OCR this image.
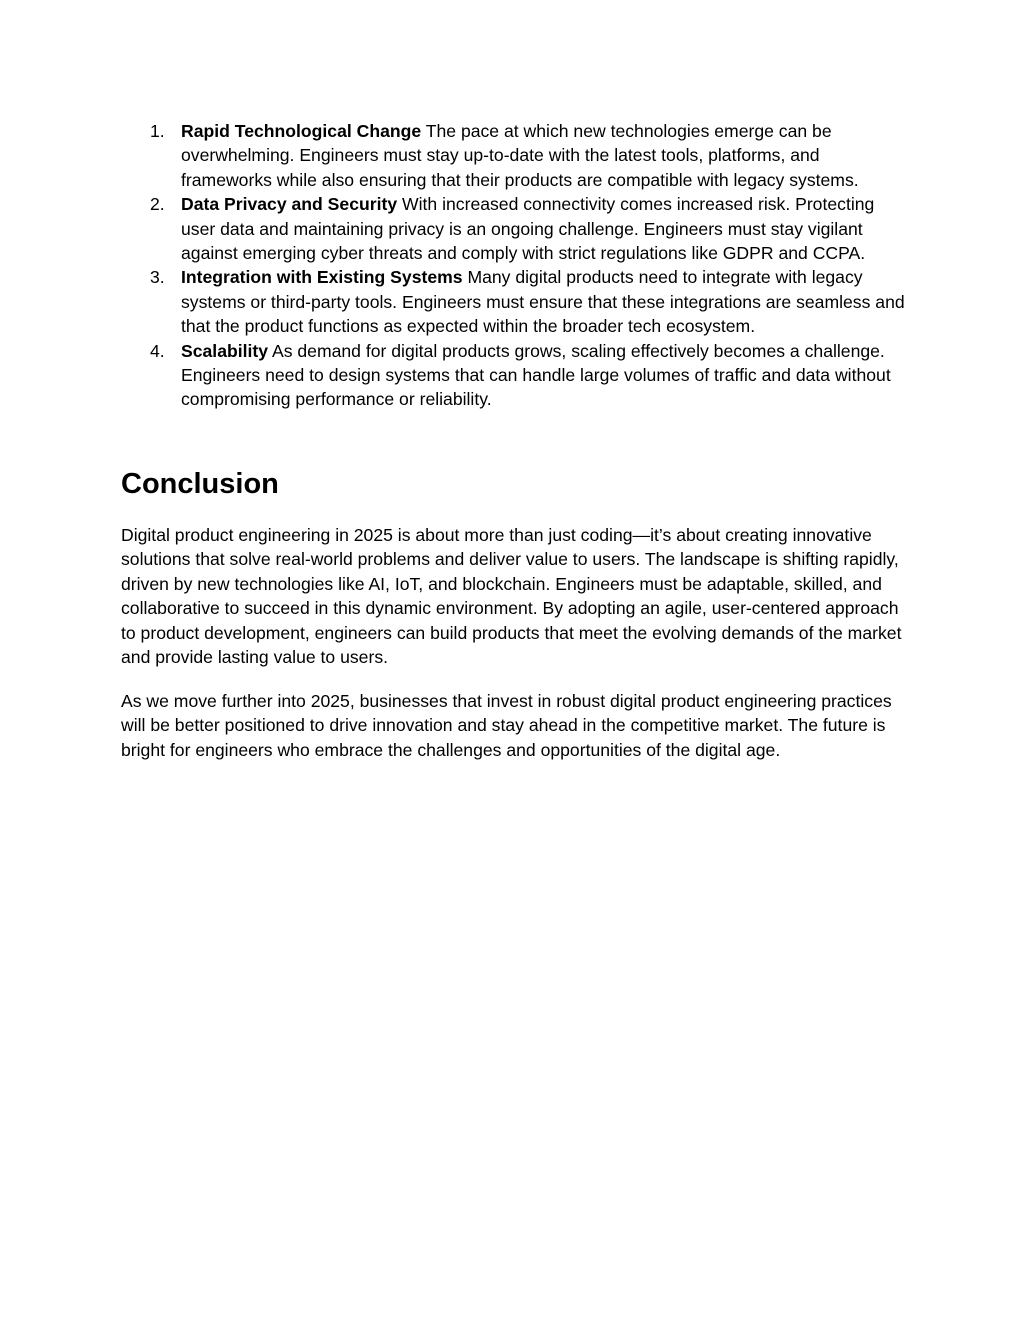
1. Rapid Technological Change The pace at which new technologies emerge can be overwhelming. Engineers must stay up-to-date with the latest tools, platforms, and frameworks while also ensuring that their products are compatible with legacy systems.
2. Data Privacy and Security With increased connectivity comes increased risk. Protecting user data and maintaining privacy is an ongoing challenge. Engineers must stay vigilant against emerging cyber threats and comply with strict regulations like GDPR and CCPA.
3. Integration with Existing Systems Many digital products need to integrate with legacy systems or third-party tools. Engineers must ensure that these integrations are seamless and that the product functions as expected within the broader tech ecosystem.
4. Scalability As demand for digital products grows, scaling effectively becomes a challenge. Engineers need to design systems that can handle large volumes of traffic and data without compromising performance or reliability.
Conclusion

Digital product engineering in 2025 is about more than just coding—it’s about creating innovative solutions that solve real-world problems and deliver value to users. The landscape is shifting rapidly, driven by new technologies like AI, IoT, and blockchain. Engineers must be adaptable, skilled, and collaborative to succeed in this dynamic environment. By adopting an agile, user-centered approach to product development, engineers can build products that meet the evolving demands of the market and provide lasting value to users.

As we move further into 2025, businesses that invest in robust digital product engineering practices will be better positioned to drive innovation and stay ahead in the competitive market. The future is bright for engineers who embrace the challenges and opportunities of the digital age.
